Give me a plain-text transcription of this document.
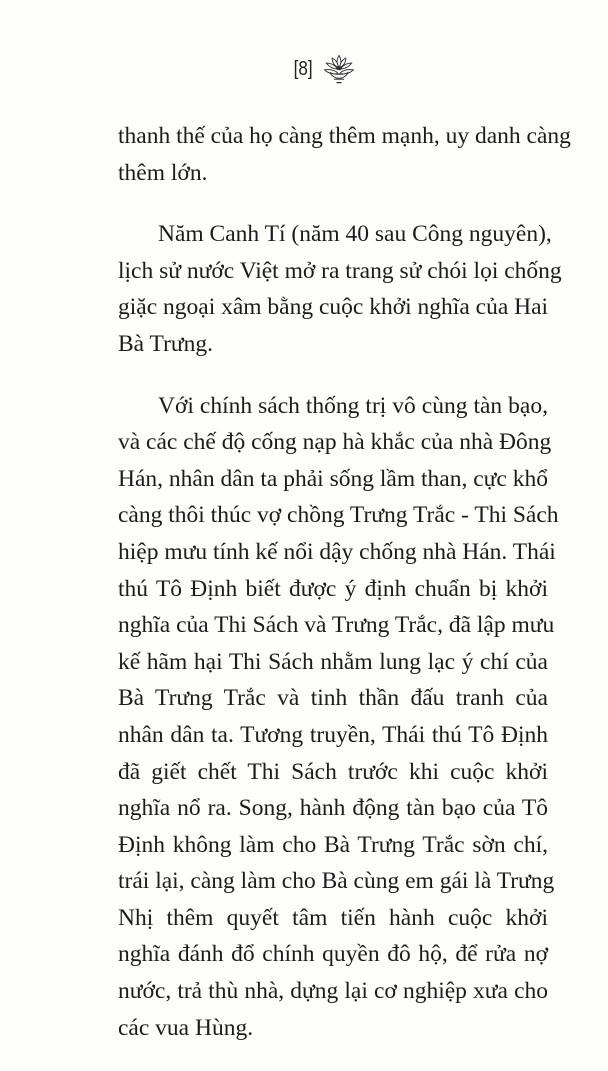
[8]
thanh thế của họ càng thêm mạnh, uy danh càng
thêm lớn.
Năm Canh Tí (năm 40 sau Công nguyên),
lịch sử nước Việt mở ra trang sử chói lọi chống
giặc ngoại xâm bằng cuộc khởi nghĩa của Hai
Bà Trưng.
Với chính sách thống trị vô cùng tàn bạo,
và các chế độ cống nạp hà khắc của nhà Đông
Hán, nhân dân ta phải sống lầm than, cực khổ
càng thôi thúc vợ chồng Trưng Trắc - Thi Sách
hiệp mưu tính kế nổi dậy chống nhà Hán. Thái
thú Tô Định biết được ý định chuẩn bị khởi
nghĩa của Thi Sách và Trưng Trắc, đã lập mưu
kế hãm hại Thi Sách nhằm lung lạc ý chí của
Bà Trưng Trắc và tinh thần đấu tranh của
nhân dân ta. Tương truyền, Thái thú Tô Định
đã giết chết Thi Sách trước khi cuộc khởi
nghĩa nổ ra. Song, hành động tàn bạo của Tô
Định không làm cho Bà Trưng Trắc sờn chí,
trái lại, càng làm cho Bà cùng em gái là Trưng
Nhị thêm quyết tâm tiến hành cuộc khởi
nghĩa đánh đổ chính quyền đô hộ, để rửa nợ
nước, trả thù nhà, dựng lại cơ nghiệp xưa cho
các vua Hùng.
